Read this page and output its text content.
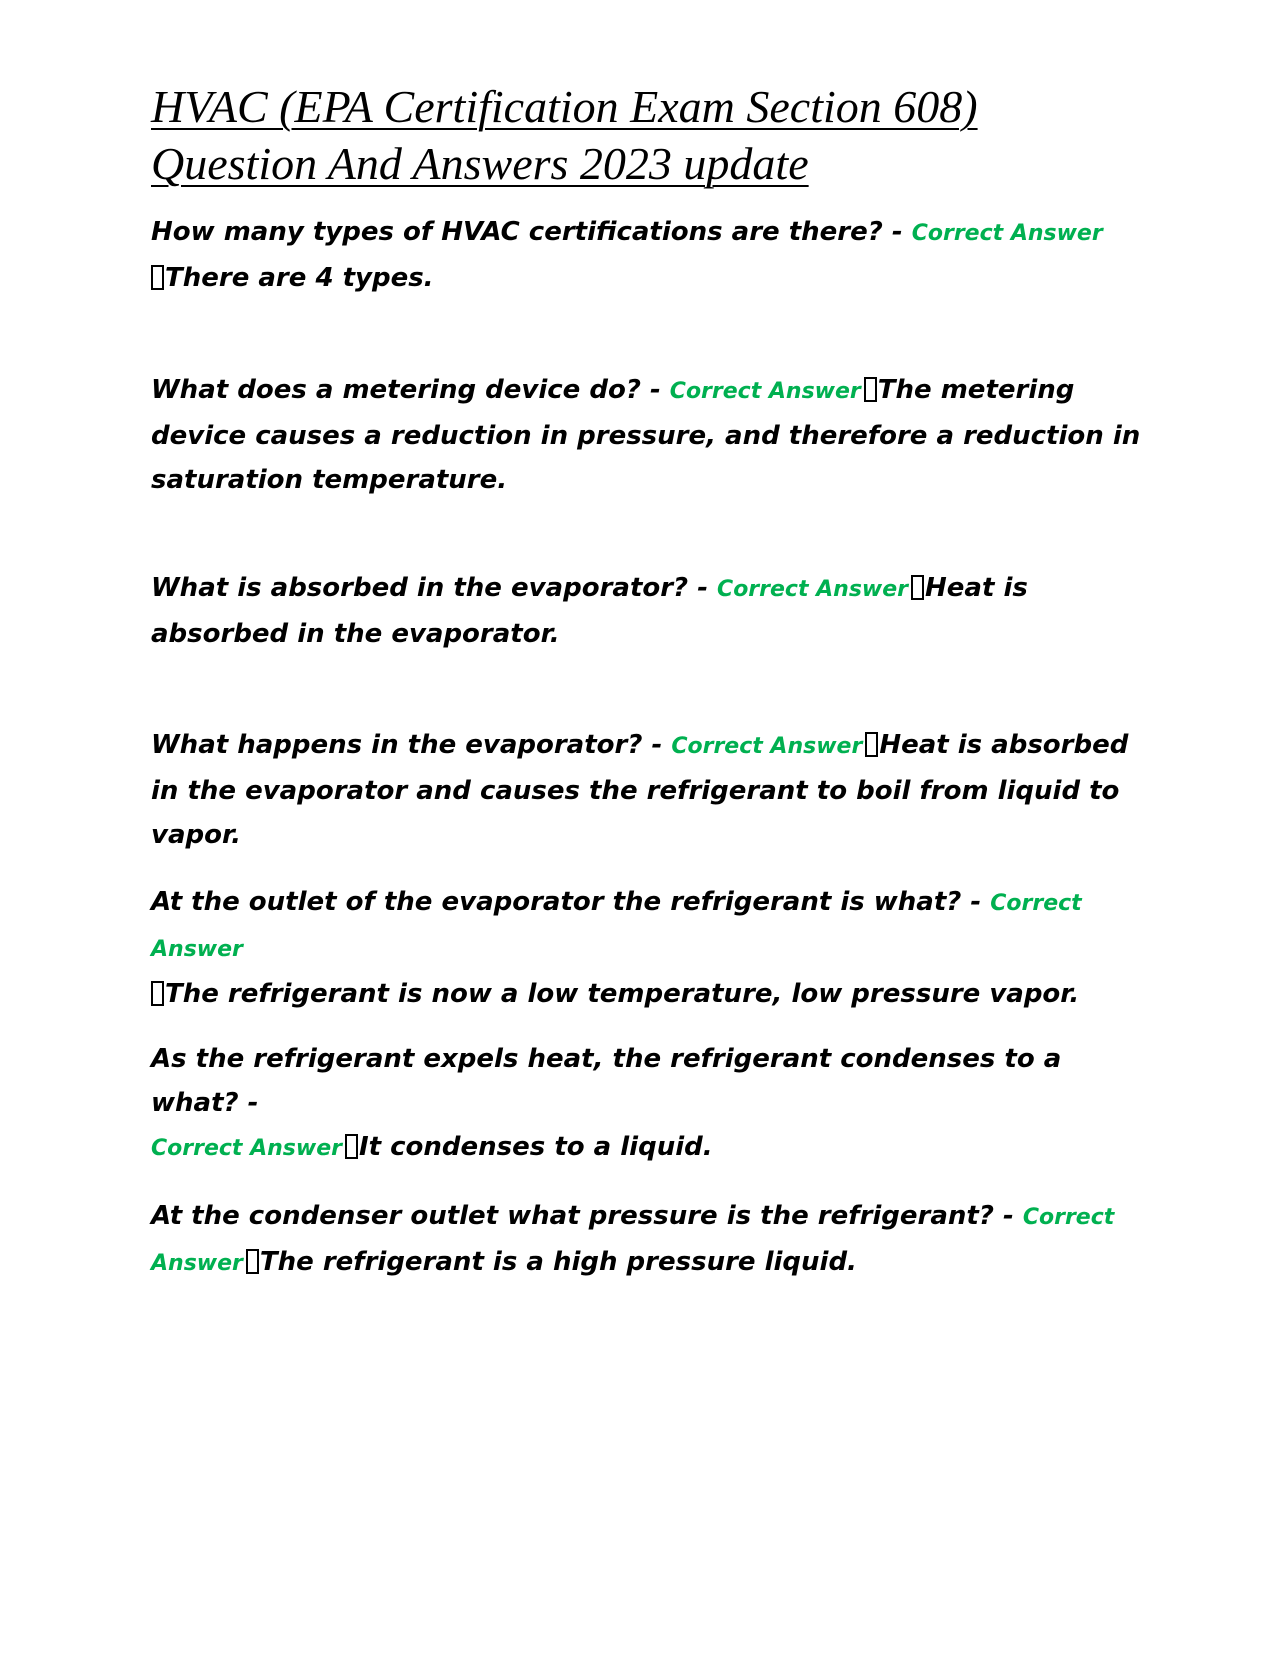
HVAC (EPA Certification Exam Section 608)
Question And Answers 2023 update

How many types of HVAC certifications are there? - Correct Answer
There are 4 types.

What does a metering device do? - Correct Answer The metering device causes a reduction in pressure, and therefore a reduction in saturation temperature.

What is absorbed in the evaporator? - Correct Answer Heat is absorbed in the evaporator.

What happens in the evaporator? - Correct Answer Heat is absorbed in the evaporator and causes the refrigerant to boil from liquid to vapor.

At the outlet of the evaporator the refrigerant is what? - Correct Answer
The refrigerant is now a low temperature, low pressure vapor.

As the refrigerant expels heat, the refrigerant condenses to a what? -
Correct Answer It condenses to a liquid.

At the condenser outlet what pressure is the refrigerant? - Correct Answer The refrigerant is a high pressure liquid.
